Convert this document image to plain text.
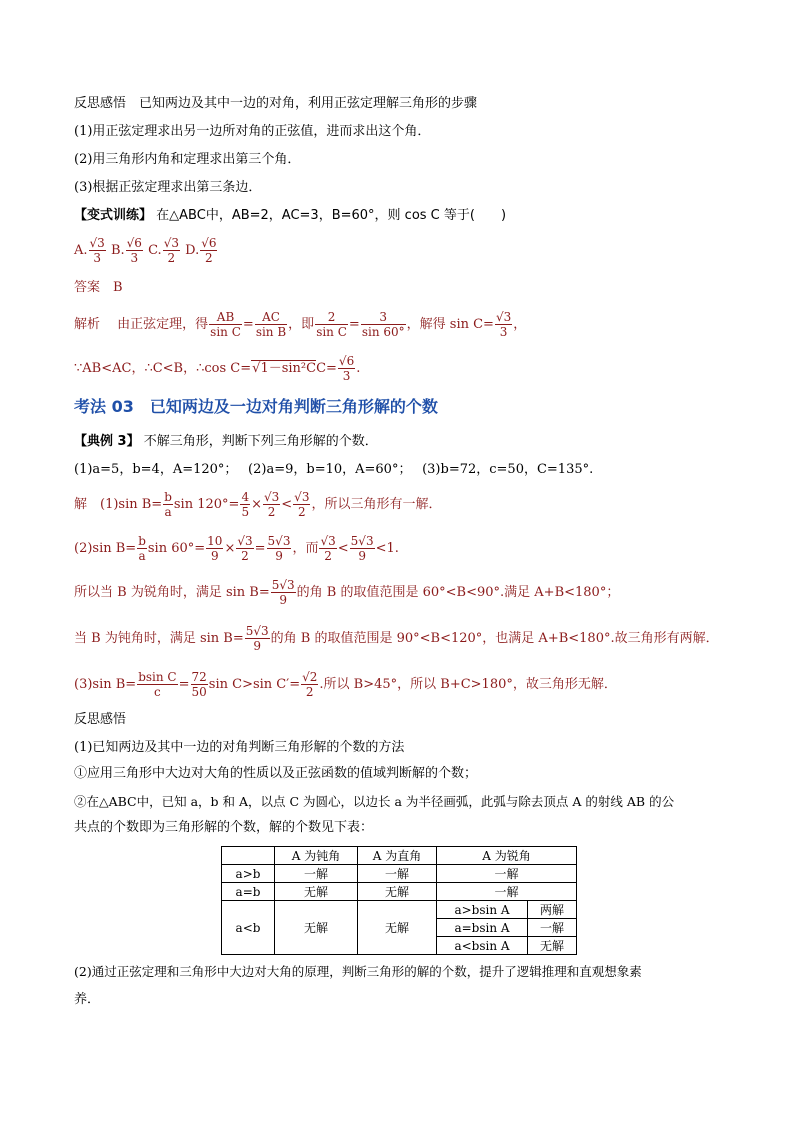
反思感悟　已知两边及其中一边的对角，利用正弦定理解三角形的步骤
(1)用正弦定理求出另一边所对角的正弦值，进而求出这个角．
(2)用三角形内角和定理求出第三个角．
(3)根据正弦定理求出第三条边．
【变式训练】 在△ABC中，AB=2，AC=3，B=60°，则 cos C 等于(　　)
A. $\frac{√3}{3} B$. $\frac{√6}{3} C$. $\frac{√3}{2} D$. $\frac{√6}{2}$
答案　B
解析　 由正弦定理，得 $\frac{AB}{\text{sin C}} = \frac{AC}{\text{sin B}}$ ，即 $\frac{2}{\text{sin C}} = \frac{3}{\sin 60^\circ}$ ，解得 $\sin C= \frac{√3}{3}$ ，
∵AB<AC，∴C<B，∴cos $C=√1-\sin^2CC= \frac{√6}{3}$ .
考法 03　已知两边及一边对角判断三角形解的个数
【典例 3】 不解三角形，判断下列三角形解的个数．
(1)a=5，b=4，A=120°；　 (2)a=9，b=10，A=60°；　 (3)b=72，c=50，C=135°.
解　(1)sin $B= \frac{b}{a}$ $\sin 120^\circ= \frac{4}{5} \times \frac{√3}{2} < \frac{√3}{2}$ ，所以三角形有一解．
(2)sin $B= \frac{b}{a}$ $\sin 60^\circ= \frac{10}{9} \times \frac{√3}{2} = \frac{5√3}{9}$ ，而 $\frac{√3}{2} < \frac{5√3}{9} <1$.
所以当 B 为锐角时，满足 $\sin B= \frac{5√3}{9}$ 的角 B 的取值范围是 60°<B<90°.满足 A+B<180°；
当 B 为钝角时，满足 $\sin B= \frac{5√3}{9}$ 的角 B 的取值范围是 90°<B<120°，也满足 A+B<180°.故三角形有两解．
(3)sin $B= \frac{\text{bsin C}}{c} = \frac{72}{50}$ sin C>sin $C'= \frac{√2}{2}$ .所以 B>45°，所以 B+C>180°，故三角形无解．
反思感悟
(1)已知两边及其中一边的对角判断三角形解的个数的方法
①应用三角形中大边对大角的性质以及正弦函数的值域判断解的个数；
②在△ABC中，已知 a，b 和 A，以点 C 为圆心，以边长 a 为半径画弧，此弧与除去顶点 A 的射线 AB 的公
共点的个数即为三角形解的个数，解的个数见下表：
	A 为钝角	A 为直角	A 为锐角	
a>b	一解	一解	一解	
a=b	无解	无解	一解	
a<b	无解	无解	a>bsin A	两解
			a=bsin A	一解
			a<bsin A	无解
(2)通过正弦定理和三角形中大边对大角的原理，判断三角形的解的个数，提升了逻辑推理和直观想象素
养．
